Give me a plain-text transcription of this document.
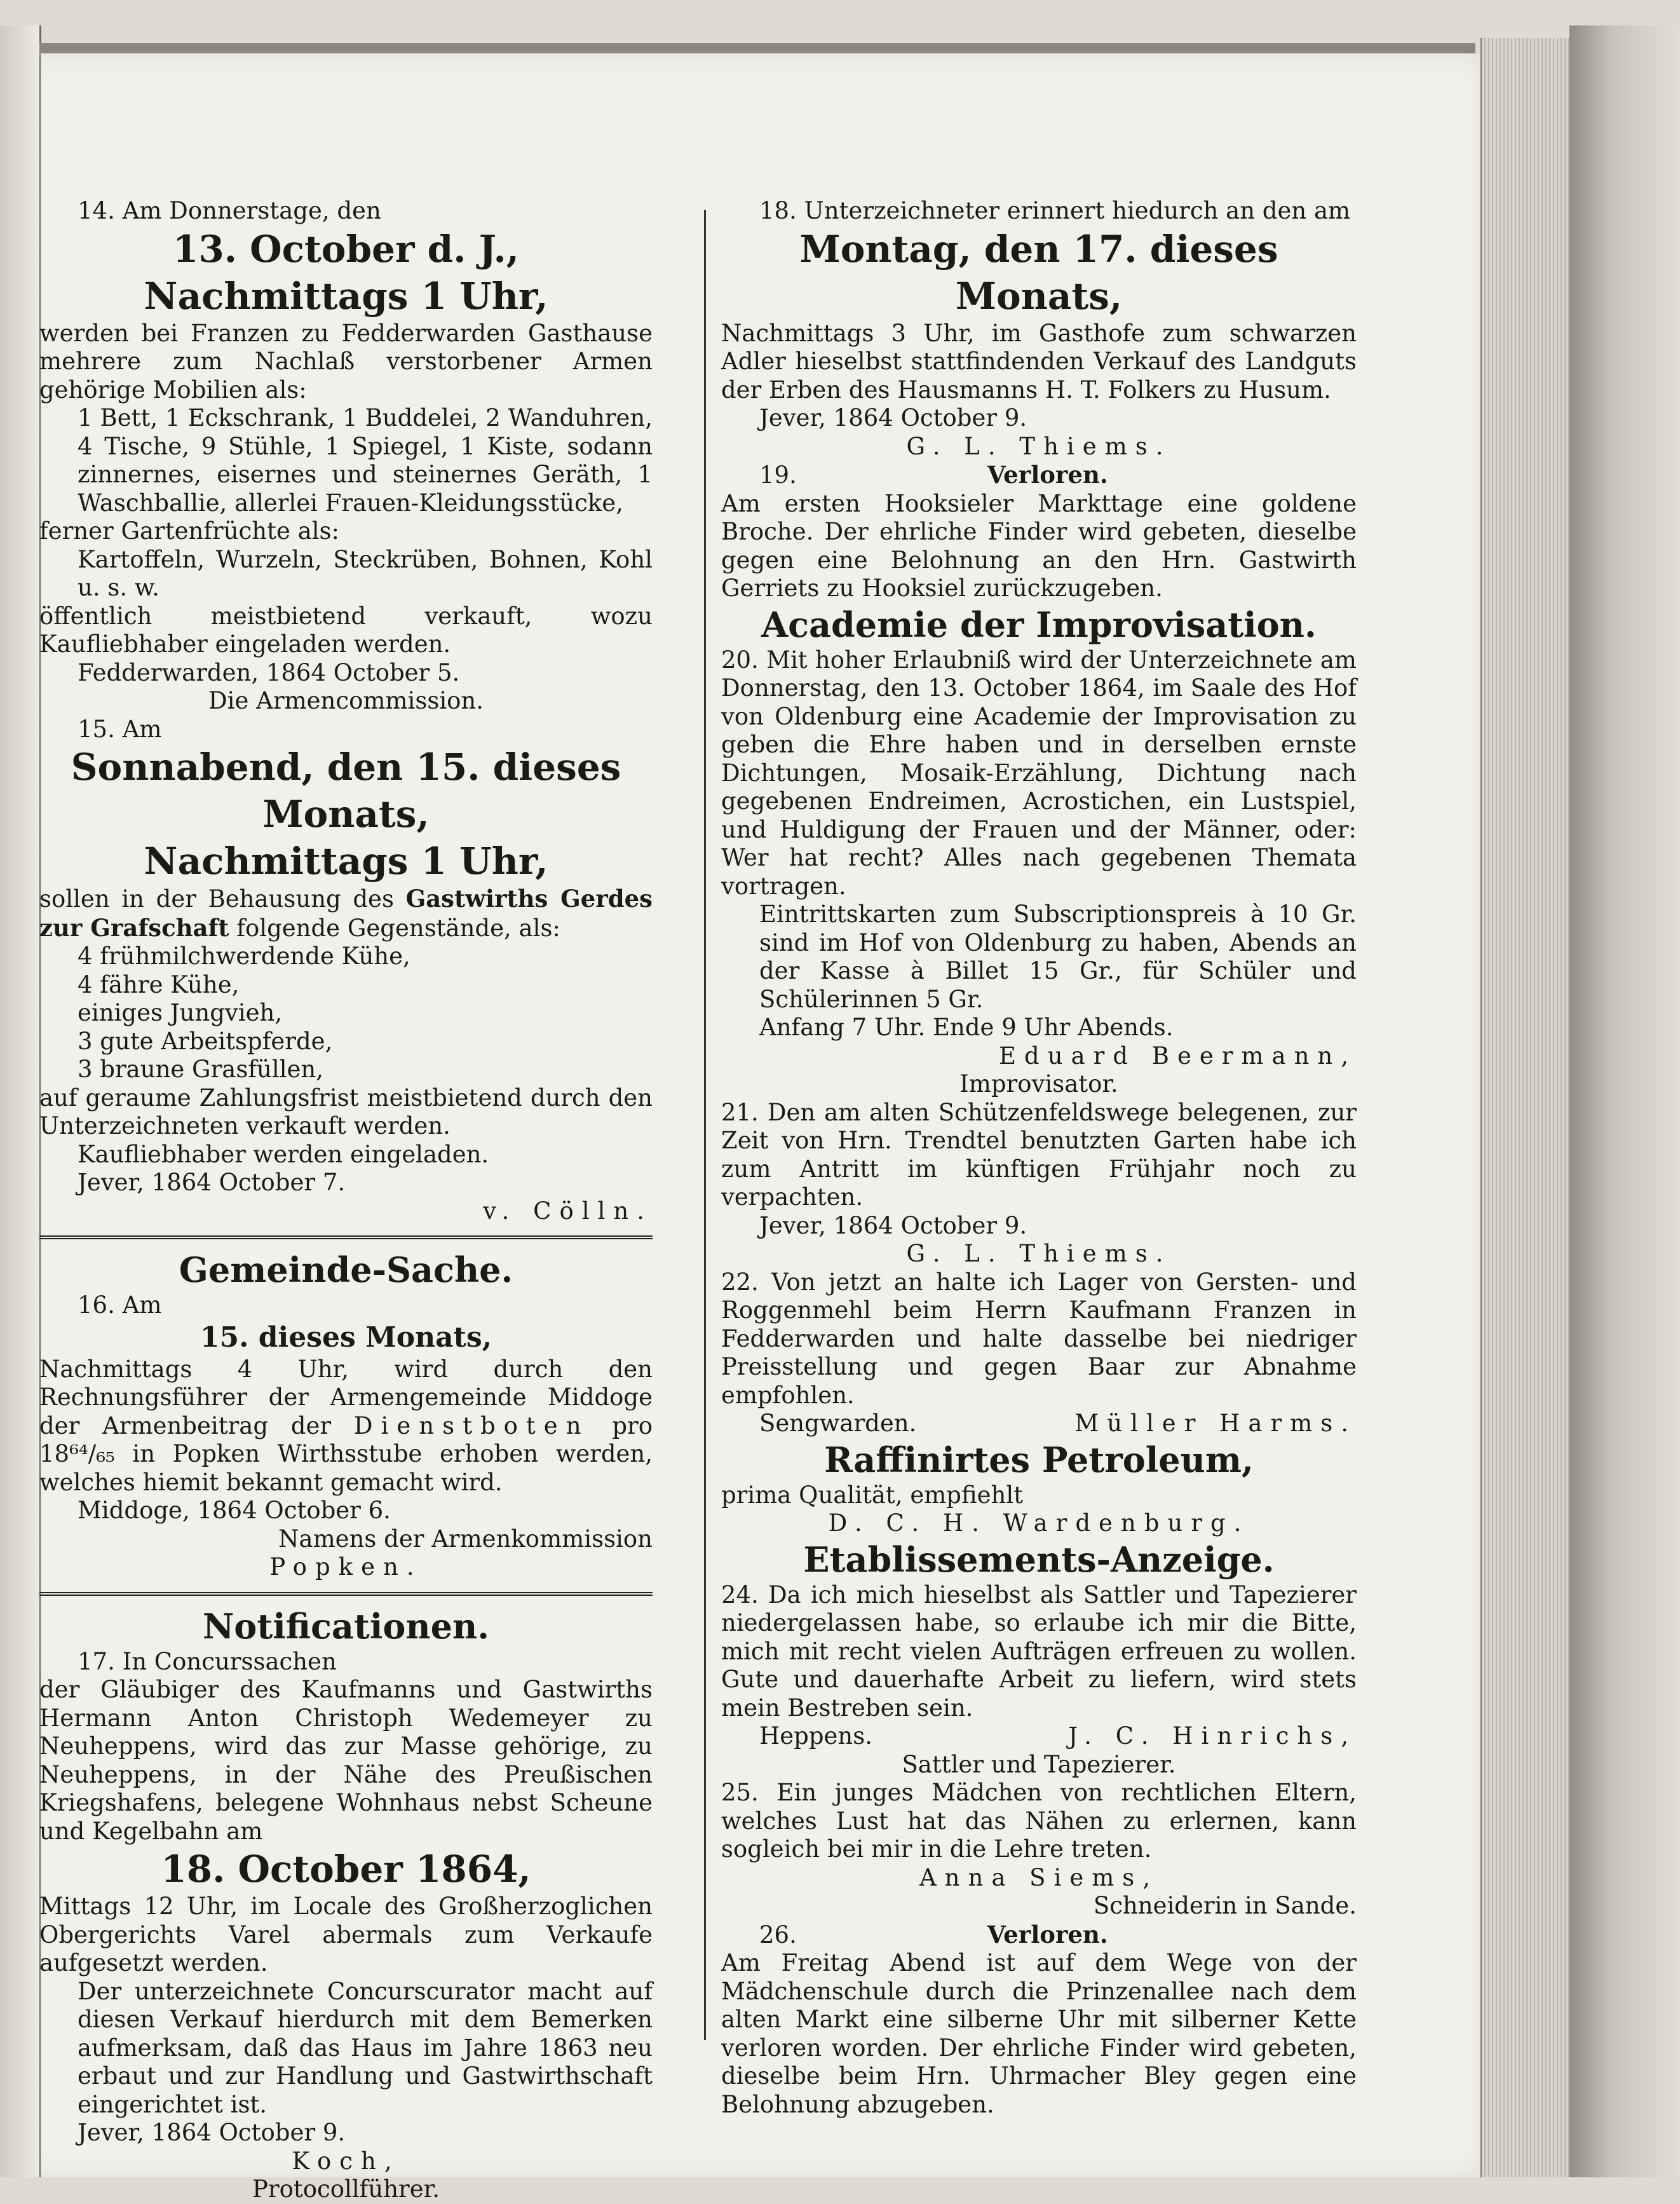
14. Am Donnerstage, den

13. October d. J.,

Nachmittags 1 Uhr,

werden bei Franzen zu Fedderwarden Gasthause mehrere zum Nachlaß verstorbener Armen gehörige Mobilien als:

1 Bett, 1 Eckschrank, 1 Buddelei, 2 Wanduhren, 4 Tische, 9 Stühle, 1 Spiegel, 1 Kiste, sodann zinnernes, eisernes und steinernes Geräth, 1 Waschballie, allerlei Frauen-Kleidungsstücke,

ferner Gartenfrüchte als:

Kartoffeln, Wurzeln, Steckrüben, Bohnen, Kohl u. s. w.

öffentlich meistbietend verkauft, wozu Kaufliebhaber eingeladen werden.

Fedderwarden, 1864 October 5.

Die Armencommission.

15. Am

Sonnabend, den 15. dieses Monats,

Nachmittags 1 Uhr,

sollen in der Behausung des Gastwirths Gerdes zur Grafschaft folgende Gegenstände, als:

4 frühmilchwerdende Kühe,

4 fähre Kühe,

einiges Jungvieh,

3 gute Arbeitspferde,

3 braune Grasfüllen,

auf geraume Zahlungsfrist meistbietend durch den Unterzeichneten verkauft werden.

Kaufliebhaber werden eingeladen.

Jever, 1864 October 7.

v. Cölln.

Gemeinde-Sache.

16. Am

15. dieses Monats,

Nachmittags 4 Uhr, wird durch den Rechnungsführer der Armengemeinde Middoge der Armenbeitrag der Dienstboten pro 18⁶⁴/₆₅ in Popken Wirthsstube erhoben werden, welches hiemit bekannt gemacht wird.

Middoge, 1864 October 6.

Namens der Armenkommission

Popken.

Notificationen.

17. In Concurssachen

der Gläubiger des Kaufmanns und Gastwirths Hermann Anton Christoph Wedemeyer zu Neuheppens, wird das zur Masse gehörige, zu Neuheppens, in der Nähe des Preußischen Kriegshafens, belegene Wohnhaus nebst Scheune und Kegelbahn am

18. October 1864,

Mittags 12 Uhr, im Locale des Großherzoglichen Obergerichts Varel abermals zum Verkaufe aufgesetzt werden.

Der unterzeichnete Concurscurator macht auf diesen Verkauf hierdurch mit dem Bemerken aufmerksam, daß das Haus im Jahre 1863 neu erbaut und zur Handlung und Gastwirthschaft eingerichtet ist.

Jever, 1864 October 9.

Koch,

Protocollführer.

18. Unterzeichneter erinnert hiedurch an den am

Montag, den 17. dieses Monats,

Nachmittags 3 Uhr, im Gasthofe zum schwarzen Adler hieselbst stattfindenden Verkauf des Landguts der Erben des Hausmanns H. T. Folkers zu Husum.

Jever, 1864 October 9.

G. L. Thiems.

19.	Verloren.

Am ersten Hooksieler Markttage eine goldene Broche. Der ehrliche Finder wird gebeten, dieselbe gegen eine Belohnung an den Hrn. Gastwirth Gerriets zu Hooksiel zurückzugeben.

Academie der Improvisation.

20. Mit hoher Erlaubniß wird der Unterzeichnete am Donnerstag, den 13. October 1864, im Saale des Hof von Oldenburg eine Academie der Improvisation zu geben die Ehre haben und in derselben ernste Dichtungen, Mosaik-Erzählung, Dichtung nach gegebenen Endreimen, Acrostichen, ein Lustspiel, und Huldigung der Frauen und der Männer, oder: Wer hat recht? Alles nach gegebenen Themata vortragen.

Eintrittskarten zum Subscriptionspreis à 10 Gr. sind im Hof von Oldenburg zu haben, Abends an der Kasse à Billet 15 Gr., für Schüler und Schülerinnen 5 Gr.

Anfang 7 Uhr. Ende 9 Uhr Abends.

Eduard Beermann,

Improvisator.

21. Den am alten Schützenfeldswege belegenen, zur Zeit von Hrn. Trendtel benutzten Garten habe ich zum Antritt im künftigen Frühjahr noch zu verpachten.

Jever, 1864 October 9.

G. L. Thiems.

22. Von jetzt an halte ich Lager von Gersten- und Roggenmehl beim Herrn Kaufmann Franzen in Fedderwarden und halte dasselbe bei niedriger Preisstellung und gegen Baar zur Abnahme empfohlen.

Sengwarden.	Müller Harms.

Raffinirtes Petroleum,

prima Qualität, empfiehlt

D. C. H. Wardenburg.

Etablissements-Anzeige.

24. Da ich mich hieselbst als Sattler und Tapezierer niedergelassen habe, so erlaube ich mir die Bitte, mich mit recht vielen Aufträgen erfreuen zu wollen. Gute und dauerhafte Arbeit zu liefern, wird stets mein Bestreben sein.

Heppens.	J. C. Hinrichs,

Sattler und Tapezierer.

25. Ein junges Mädchen von rechtlichen Eltern, welches Lust hat das Nähen zu erlernen, kann sogleich bei mir in die Lehre treten.

Anna Siems,

Schneiderin in Sande.

26.	Verloren.

Am Freitag Abend ist auf dem Wege von der Mädchenschule durch die Prinzenallee nach dem alten Markt eine silberne Uhr mit silberner Kette verloren worden. Der ehrliche Finder wird gebeten, dieselbe beim Hrn. Uhrmacher Bley gegen eine Belohnung abzugeben.
